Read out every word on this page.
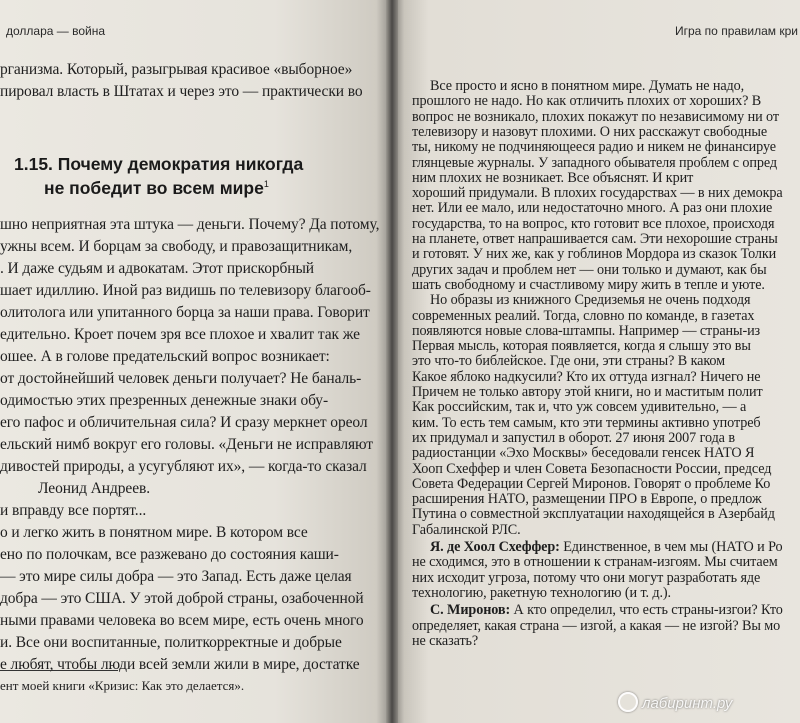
доллара — война
рганизма. Который, разыгрывая красивое «выборное»
пировал власть в Штатах и через это — практически во
1.15. Почему демократия никогда
не победит во всем мире$^1$
шно неприятная эта штука — деньги. Почему? Да потому,
ужны всем. И борцам за свободу, и правозащитникам,
. И даже судьям и адвокатам. Этот прискорбный
шает идиллию. Иной раз видишь по телевизору благооб-
олитолога или упитанного борца за наши права. Говорит
едительно. Кроет почем зря все плохое и хвалит так же
ошее. А в голове предательский вопрос возникает:
от достойнейший человек деньги получает? Не баналь-
одимостью этих презренных денежные знаки обу-
его пафос и обличительная сила? И сразу меркнет ореол
ельский нимб вокруг его головы. «Деньги не исправляют
дивостей природы, а усугубляют их», — когда-то сказал
Леонид Андреев.
и вправду все портят...
о и легко жить в понятном мире. В котором все
ено по полочкам, все разжевано до состояния каши-
— это мире силы добра — это Запад. Есть даже целая
добра — это США. У этой доброй страны, озабоченной
ными правами человека во всем мире, есть очень много
и. Все они воспитанные, политкорректные и добрые
е любят, чтобы люди всей земли жили в мире, достатке
ент моей книги «Кризис: Как это делается».
Игра по правилам кри
Все просто и ясно в понятном мире. Думать не надо,
прошлого не надо. Но как отличить плохих от хороших? В
вопрос не возникало, плохих покажут по независимому ни от
телевизору и назовут плохими. О них расскажут свободные
ты, никому не подчиняющееся радио и никем не финансируе
глянцевые журналы. У западного обывателя проблем с опред
ним плохих не возникает. Все объяснят. И крит
хороший придумали. В плохих государствах — в них демокра
нет. Или ее мало, или недостаточно много. А раз они плохие
государства, то на вопрос, кто готовит все плохое, происходя
на планете, ответ напрашивается сам. Эти нехорошие страны
и готовят. У них же, как у гоблинов Мордора из сказок Толки
других задач и проблем нет — они только и думают, как бы
шать свободному и счастливому миру жить в тепле и уюте.
Но образы из книжного Средиземья не очень подходя
современных реалий. Тогда, словно по команде, в газетах
появляются новые слова-штампы. Например — страны-из
Первая мысль, которая появляется, когда я слышу это вы
это что-то библейское. Где они, эти страны? В каком
Какое яблоко надкусили? Кто их оттуда изгнал? Ничего не
Причем не только автору этой книги, но и маститым полит
Как российским, так и, что уж совсем удивительно, — а
ким. То есть тем самым, кто эти термины активно употреб
их придумал и запустил в оборот. 27 июня 2007 года в
радиостанции «Эхо Москвы» беседовали генсек НАТО Я
Хооп Схеффер и член Совета Безопасности России, председ
Совета Федерации Сергей Миронов. Говорят о проблеме Ко
расширения НАТО, размещении ПРО в Европе, о предлож
Путина о совместной эксплуатации находящейся в Азербайд
Габалинской РЛС.
Я. де Хоол Схеффер: Единственное, в чем мы (НАТО и Ро
не сходимся, это в отношении к странам-изгоям. Мы считаем
них исходит угроза, потому что они могут разработать яде
технологию, ракетную технологию (и т. д.).
С. Миронов: А кто определил, что есть страны-изгои? Кто
определяет, какая страна — изгой, а какая — не изгой? Вы мо
не сказать?
лабиринт.ру
